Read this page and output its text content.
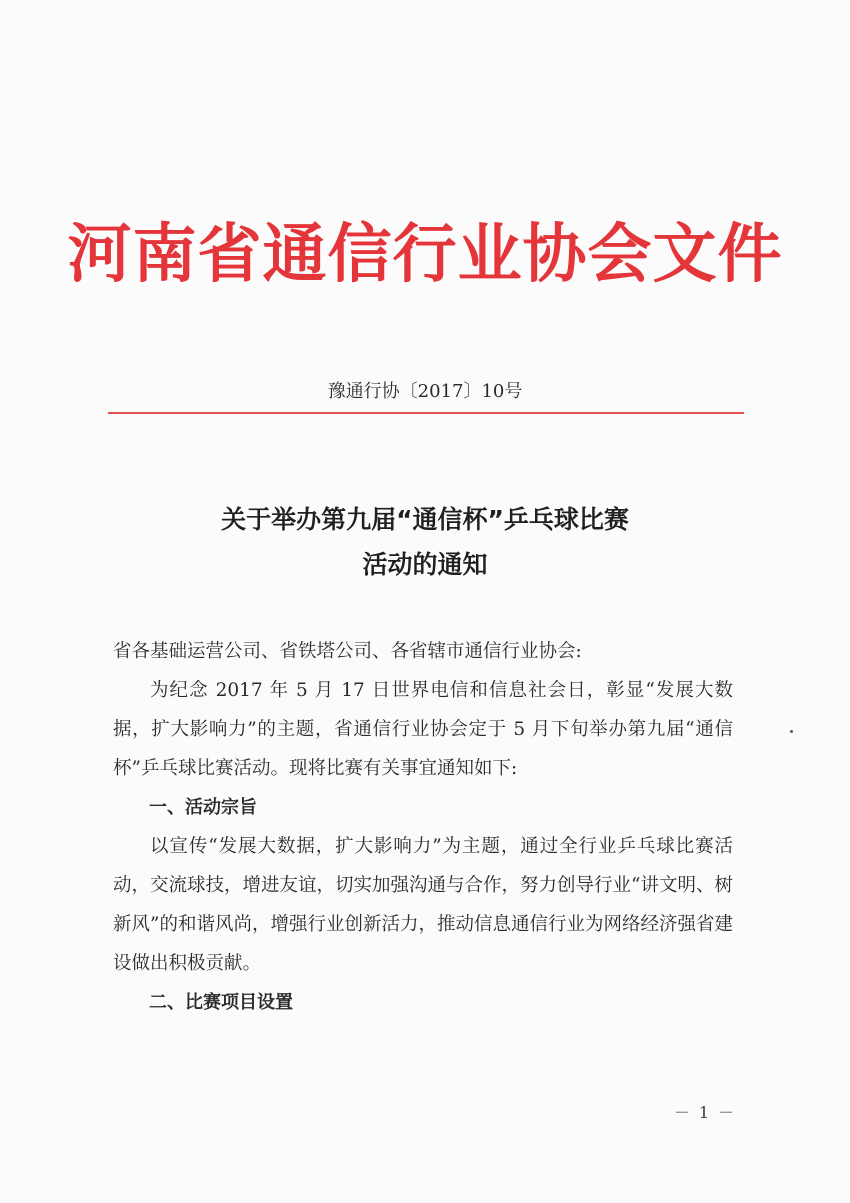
河南省通信行业协会文件
豫通行协〔2017〕10号
关于举办第九届“通信杯”乒乓球比赛
活动的通知

省各基础运营公司、省铁塔公司、各省辖市通信行业协会:

为纪念 2017 年 5 月 17 日世界电信和信息社会日，彰显“发展大数据，扩大影响力”的主题，省通信行业协会定于 5 月下旬举办第九届“通信杯”乒乓球比赛活动。现将比赛有关事宜通知如下:

一、活动宗旨

以宣传“发展大数据，扩大影响力”为主题，通过全行业乒乓球比赛活动，交流球技，增进友谊，切实加强沟通与合作，努力创导行业“讲文明、树新风”的和谐风尚，增强行业创新活力，推动信息通信行业为网络经济强省建设做出积极贡献。

二、比赛项目设置

－ 1 －
